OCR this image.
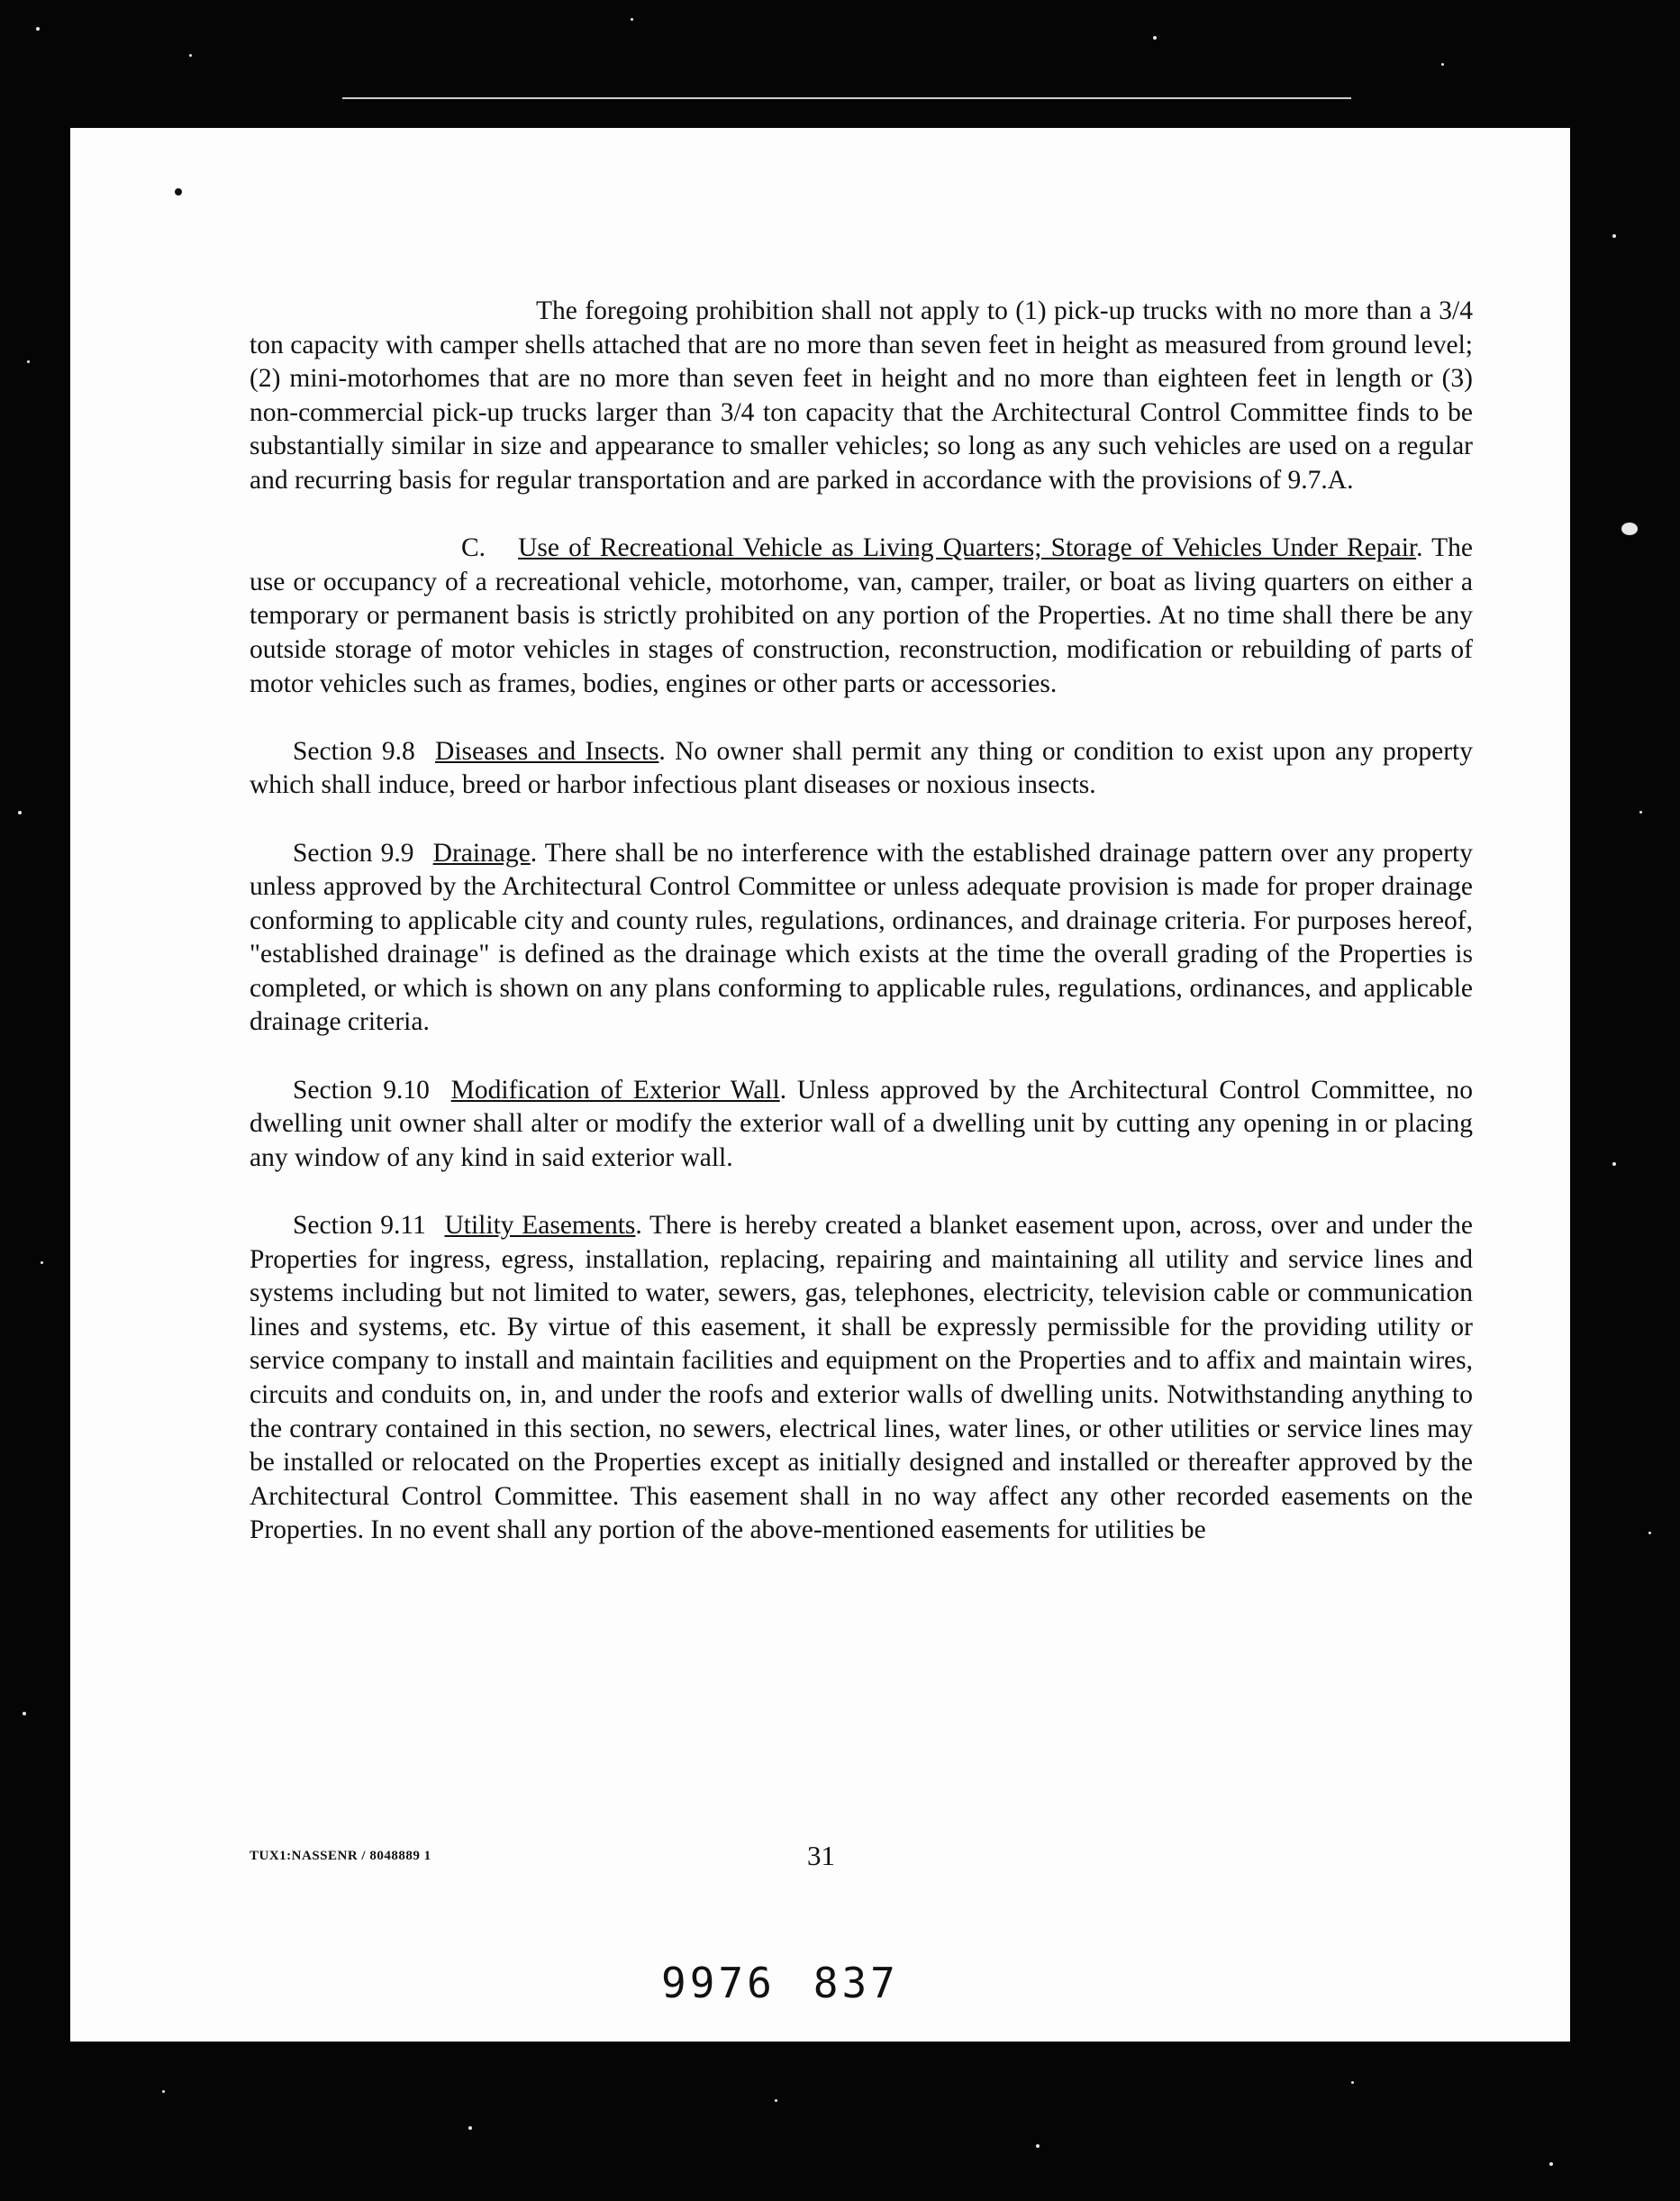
The foregoing prohibition shall not apply to (1) pick-up trucks with no more than a 3/4 ton capacity with camper shells attached that are no more than seven feet in height as measured from ground level; (2) mini-motorhomes that are no more than seven feet in height and no more than eighteen feet in length or (3) non-commercial pick-up trucks larger than 3/4 ton capacity that the Architectural Control Committee finds to be substantially similar in size and appearance to smaller vehicles; so long as any such vehicles are used on a regular and recurring basis for regular transportation and are parked in accordance with the provisions of 9.7.A.

C. Use of Recreational Vehicle as Living Quarters; Storage of Vehicles Under Repair. The use or occupancy of a recreational vehicle, motorhome, van, camper, trailer, or boat as living quarters on either a temporary or permanent basis is strictly prohibited on any portion of the Properties. At no time shall there be any outside storage of motor vehicles in stages of construction, reconstruction, modification or rebuilding of parts of motor vehicles such as frames, bodies, engines or other parts or accessories.

Section 9.8 Diseases and Insects. No owner shall permit any thing or condition to exist upon any property which shall induce, breed or harbor infectious plant diseases or noxious insects.

Section 9.9 Drainage. There shall be no interference with the established drainage pattern over any property unless approved by the Architectural Control Committee or unless adequate provision is made for proper drainage conforming to applicable city and county rules, regulations, ordinances, and drainage criteria. For purposes hereof, "established drainage" is defined as the drainage which exists at the time the overall grading of the Properties is completed, or which is shown on any plans conforming to applicable rules, regulations, ordinances, and applicable drainage criteria.

Section 9.10 Modification of Exterior Wall. Unless approved by the Architectural Control Committee, no dwelling unit owner shall alter or modify the exterior wall of a dwelling unit by cutting any opening in or placing any window of any kind in said exterior wall.

Section 9.11 Utility Easements. There is hereby created a blanket easement upon, across, over and under the Properties for ingress, egress, installation, replacing, repairing and maintaining all utility and service lines and systems including but not limited to water, sewers, gas, telephones, electricity, television cable or communication lines and systems, etc. By virtue of this easement, it shall be expressly permissible for the providing utility or service company to install and maintain facilities and equipment on the Properties and to affix and maintain wires, circuits and conduits on, in, and under the roofs and exterior walls of dwelling units. Notwithstanding anything to the contrary contained in this section, no sewers, electrical lines, water lines, or other utilities or service lines may be installed or relocated on the Properties except as initially designed and installed or thereafter approved by the Architectural Control Committee. This easement shall in no way affect any other recorded easements on the Properties. In no event shall any portion of the above-mentioned easements for utilities be

TUX1:NASSENR / 8048889 1	31
9976 837
